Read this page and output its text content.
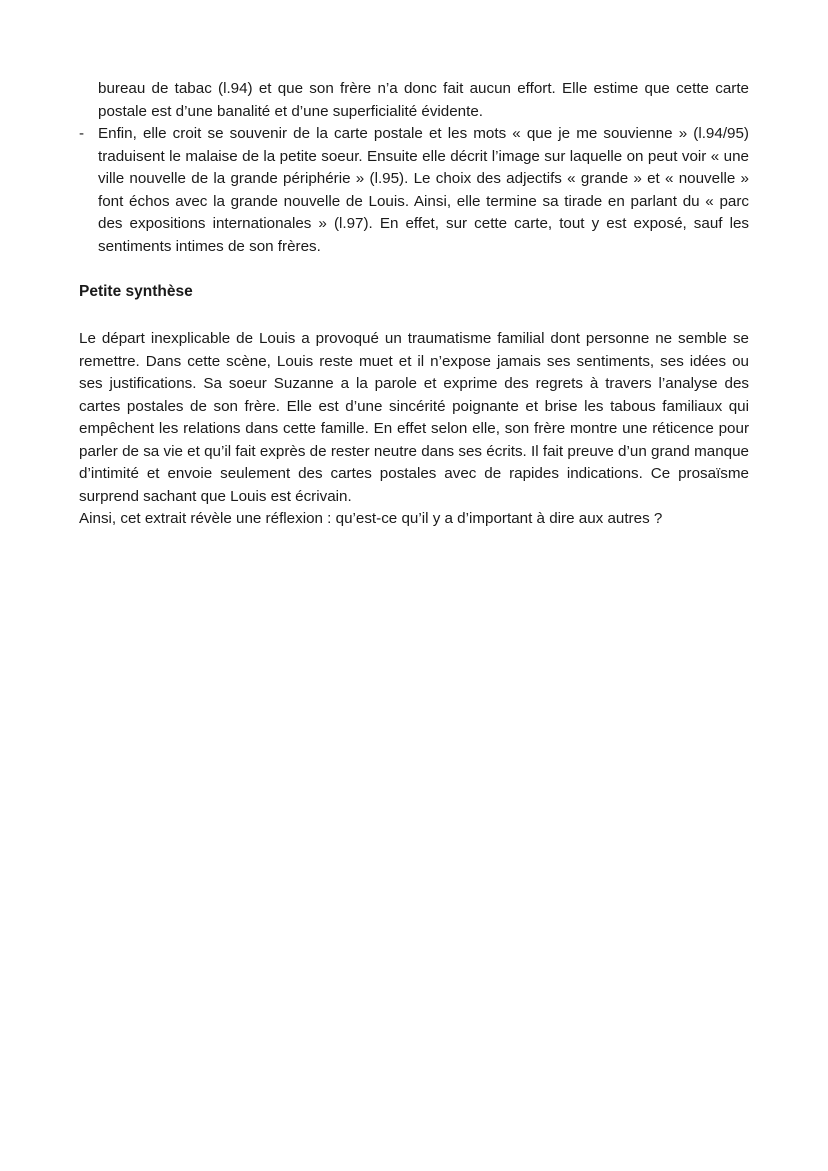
bureau de tabac (l.94) et que son frère n’a donc fait aucun effort. Elle estime que cette carte postale est d’une banalité et d’une superficialité évidente.
- Enfin, elle croit se souvenir de la carte postale et les mots « que je me souvienne » (l.94/95) traduisent le malaise de la petite soeur. Ensuite elle décrit l’image sur laquelle on peut voir « une ville nouvelle de la grande périphérie » (l.95). Le choix des adjectifs « grande » et « nouvelle » font échos avec la grande nouvelle de Louis. Ainsi, elle termine sa tirade en parlant du « parc des expositions internationales » (l.97). En effet, sur cette carte, tout y est exposé, sauf les sentiments intimes de son frères.
Petite synthèse
Le départ inexplicable de Louis a provoqué un traumatisme familial dont personne ne semble se remettre. Dans cette scène, Louis reste muet et il n’expose jamais ses sentiments, ses idées ou ses justifications. Sa soeur Suzanne a la parole et exprime des regrets à travers l’analyse des cartes postales de son frère. Elle est d’une sincérité poignante et brise les tabous familiaux qui empêchent les relations dans cette famille. En effet selon elle, son frère montre une réticence pour parler de sa vie et qu’il fait exprès de rester neutre dans ses écrits. Il fait preuve d’un grand manque d’intimité et envoie seulement des cartes postales avec de rapides indications. Ce prosaïsme surprend sachant que Louis est écrivain.
Ainsi, cet extrait révèle une réflexion : qu’est-ce qu’il y a d’important à dire aux autres ?
